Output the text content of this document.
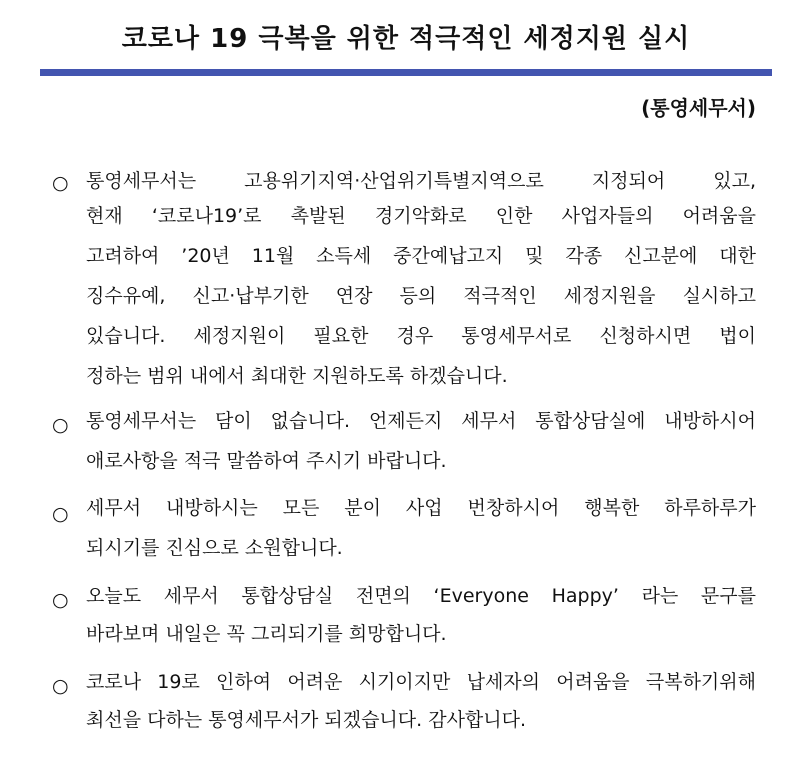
코로나 19 극복을 위한 적극적인 세정지원 실시
(통영세무서)
○ 통영세무서는 고용위기지역·산업위기특별지역으로 지정되어 있고,
현재 ‘코로나19’로 촉발된 경기악화로 인한 사업자들의 어려움을
고려하여 ’20년 11월 소득세 중간예납고지 및 각종 신고분에 대한
징수유예, 신고·납부기한 연장 등의 적극적인 세정지원을 실시하고
있습니다. 세정지원이 필요한 경우 통영세무서로 신청하시면 법이
정하는 범위 내에서 최대한 지원하도록 하겠습니다.
○ 통영세무서는 담이 없습니다. 언제든지 세무서 통합상담실에 내방하시어
애로사항을 적극 말씀하여 주시기 바랍니다.
○ 세무서 내방하시는 모든 분이 사업 번창하시어 행복한 하루하루가
되시기를 진심으로 소원합니다.
○ 오늘도 세무서 통합상담실 전면의 ‘Everyone Happy’ 라는 문구를
바라보며 내일은 꼭 그리되기를 희망합니다.
○ 코로나 19로 인하여 어려운 시기이지만 납세자의 어려움을 극복하기위해
최선을 다하는 통영세무서가 되겠습니다. 감사합니다.
